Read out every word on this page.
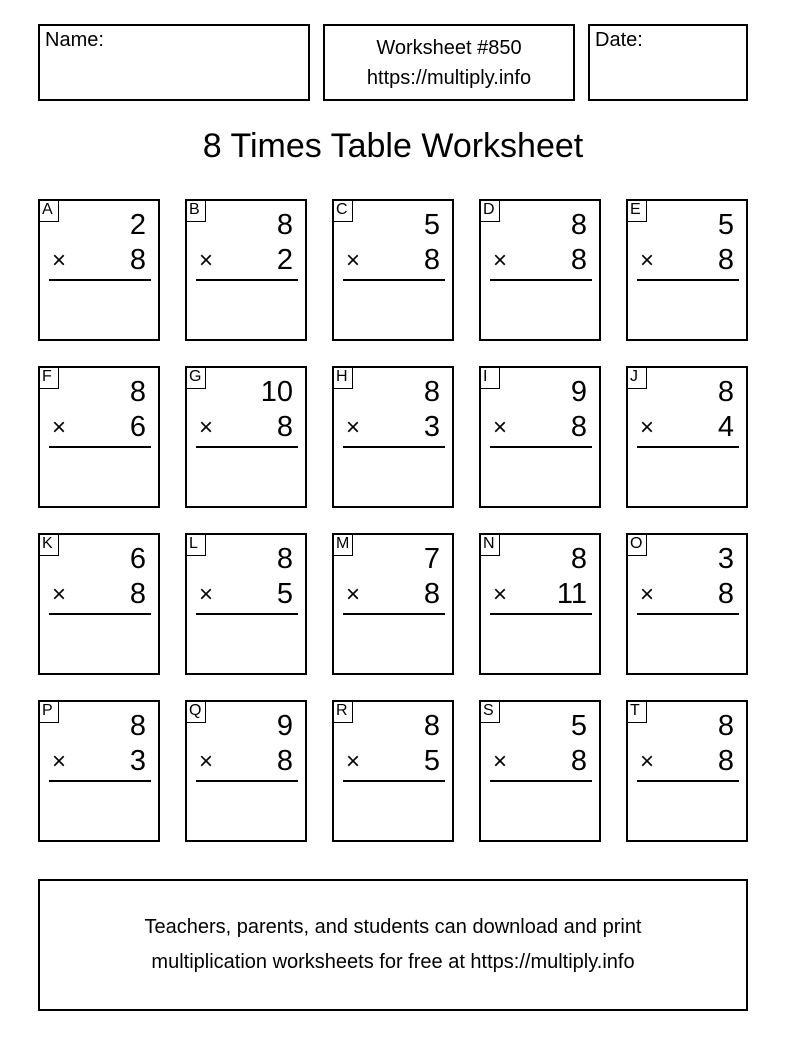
Name:	Worksheet #850
https://multiply.info
Date:
8 Times Table Worksheet
A	2
× 8
B	8
× 2
C	5
× 8
D	8
× 8
E	5
× 8
F	8
× 6
G 10
× 8
H	8
× 3
I	9
× 8
J	8
× 4
K	6
× 8
L	8
× 5
M	7
× 8
N	8
× 11
O	3
× 8
P	8
× 3
Q	9
× 8
R	8
× 5
S	5
× 8
T	8
× 8
Teachers, parents, and students can download and print
multiplication worksheets for free at https://multiply.info
